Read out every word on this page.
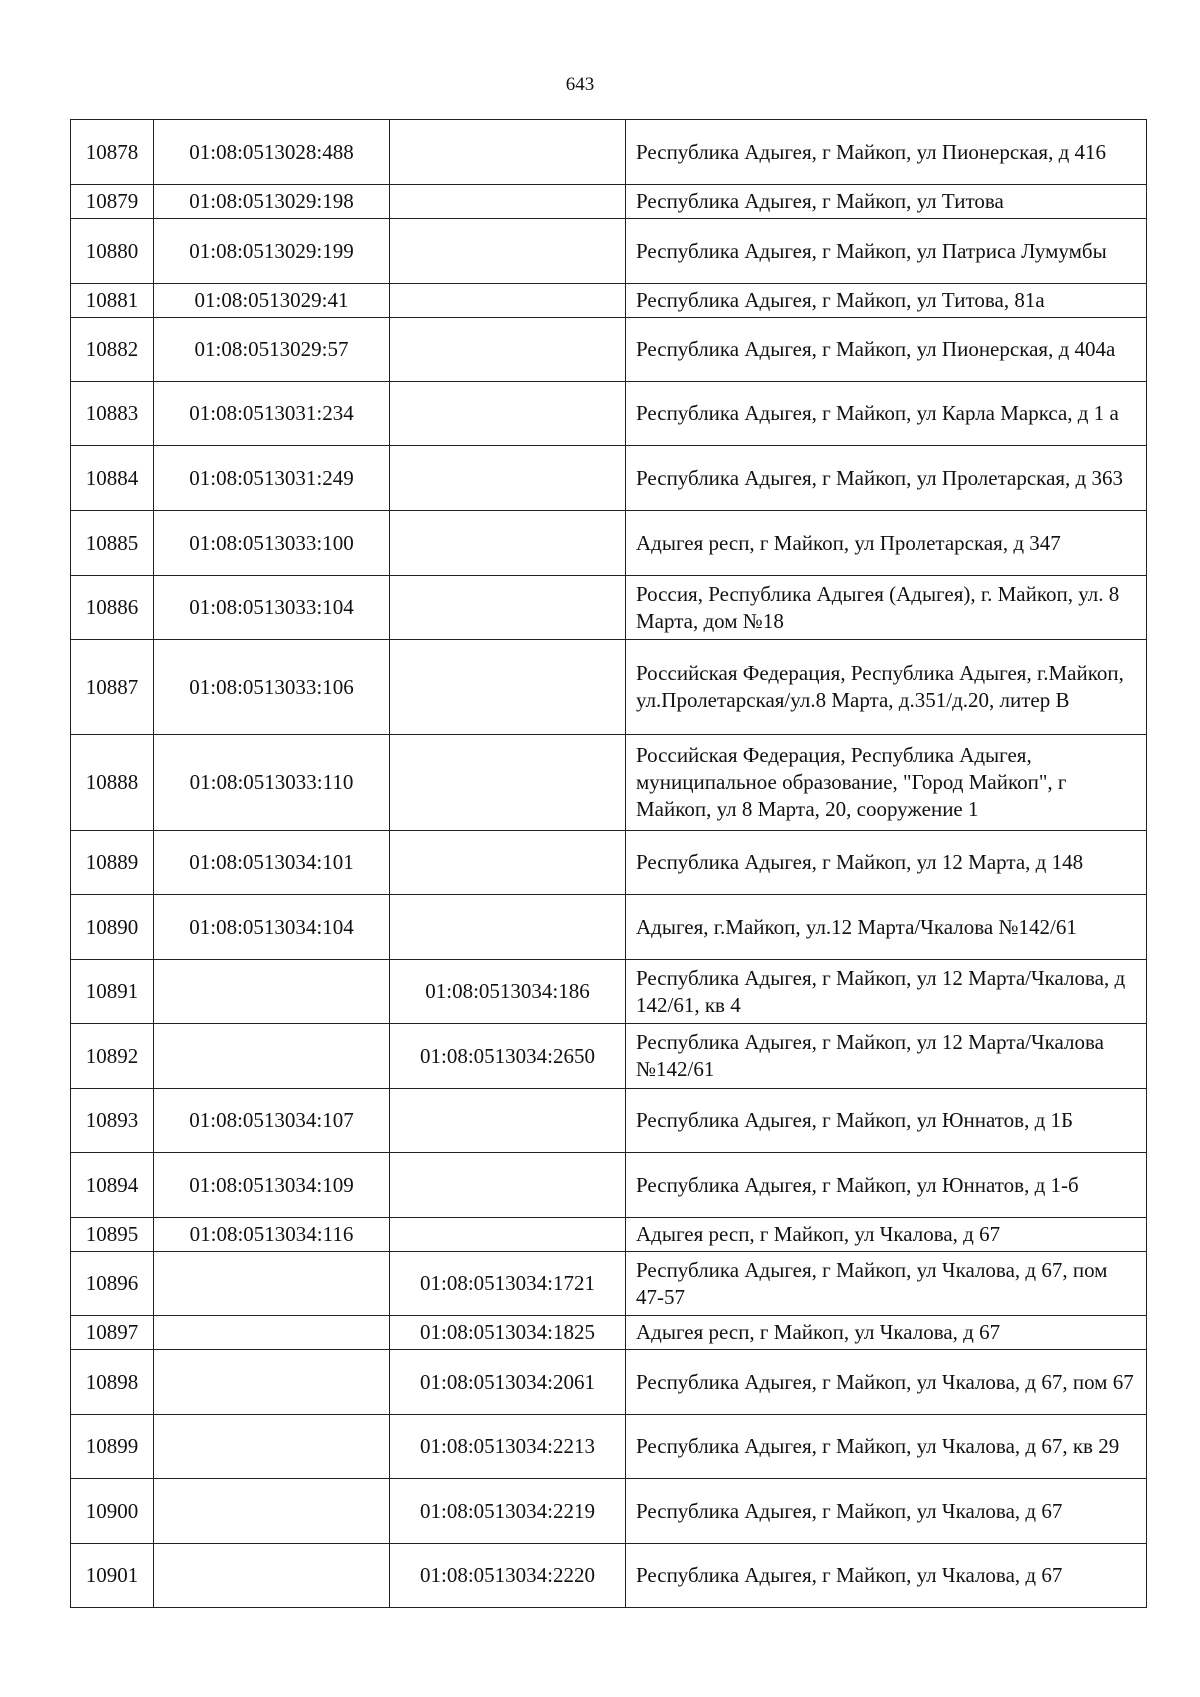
643
10878	01:08:0513028:488		Республика Адыгея, г Майкоп, ул Пионерская, д 416
10879	01:08:0513029:198		Республика Адыгея, г Майкоп, ул Титова
10880	01:08:0513029:199		Республика Адыгея, г Майкоп, ул Патриса Лумумбы
10881	01:08:0513029:41		Республика Адыгея, г Майкоп, ул Титова, 81а
10882	01:08:0513029:57		Республика Адыгея, г Майкоп, ул Пионерская, д 404а
10883	01:08:0513031:234		Республика Адыгея, г Майкоп, ул Карла Маркса, д 1 а
10884	01:08:0513031:249		Республика Адыгея, г Майкоп, ул Пролетарская, д 363
10885	01:08:0513033:100		Адыгея респ, г Майкоп, ул Пролетарская, д 347
10886	01:08:0513033:104		Россия, Республика Адыгея (Адыгея), г. Майкоп, ул. 8 Марта, дом №18
10887	01:08:0513033:106		Российская Федерация, Республика Адыгея, г.Майкоп, ул.Пролетарская/ул.8 Марта, д.351/д.20, литер В
10888	01:08:0513033:110		Российская Федерация, Республика Адыгея, муниципальное образование, "Город Майкоп", г Майкоп, ул 8 Марта, 20, сооружение 1
10889	01:08:0513034:101		Республика Адыгея, г Майкоп, ул 12 Марта, д 148
10890	01:08:0513034:104		Адыгея, г.Майкоп, ул.12 Марта/Чкалова №142/61
10891		01:08:0513034:186	Республика Адыгея, г Майкоп, ул 12 Марта/Чкалова, д 142/61, кв 4
10892		01:08:0513034:2650	Республика Адыгея, г Майкоп, ул 12 Марта/Чкалова №142/61
10893	01:08:0513034:107		Республика Адыгея, г Майкоп, ул Юннатов, д 1Б
10894	01:08:0513034:109		Республика Адыгея, г Майкоп, ул Юннатов, д 1-б
10895	01:08:0513034:116		Адыгея респ, г Майкоп, ул Чкалова, д 67
10896		01:08:0513034:1721	Республика Адыгея, г Майкоп, ул Чкалова, д 67, пом 47-57
10897		01:08:0513034:1825	Адыгея респ, г Майкоп, ул Чкалова, д 67
10898		01:08:0513034:2061	Республика Адыгея, г Майкоп, ул Чкалова, д 67, пом 67
10899		01:08:0513034:2213	Республика Адыгея, г Майкоп, ул Чкалова, д 67, кв 29
10900		01:08:0513034:2219	Республика Адыгея, г Майкоп, ул Чкалова, д 67
10901		01:08:0513034:2220	Республика Адыгея, г Майкоп, ул Чкалова, д 67
